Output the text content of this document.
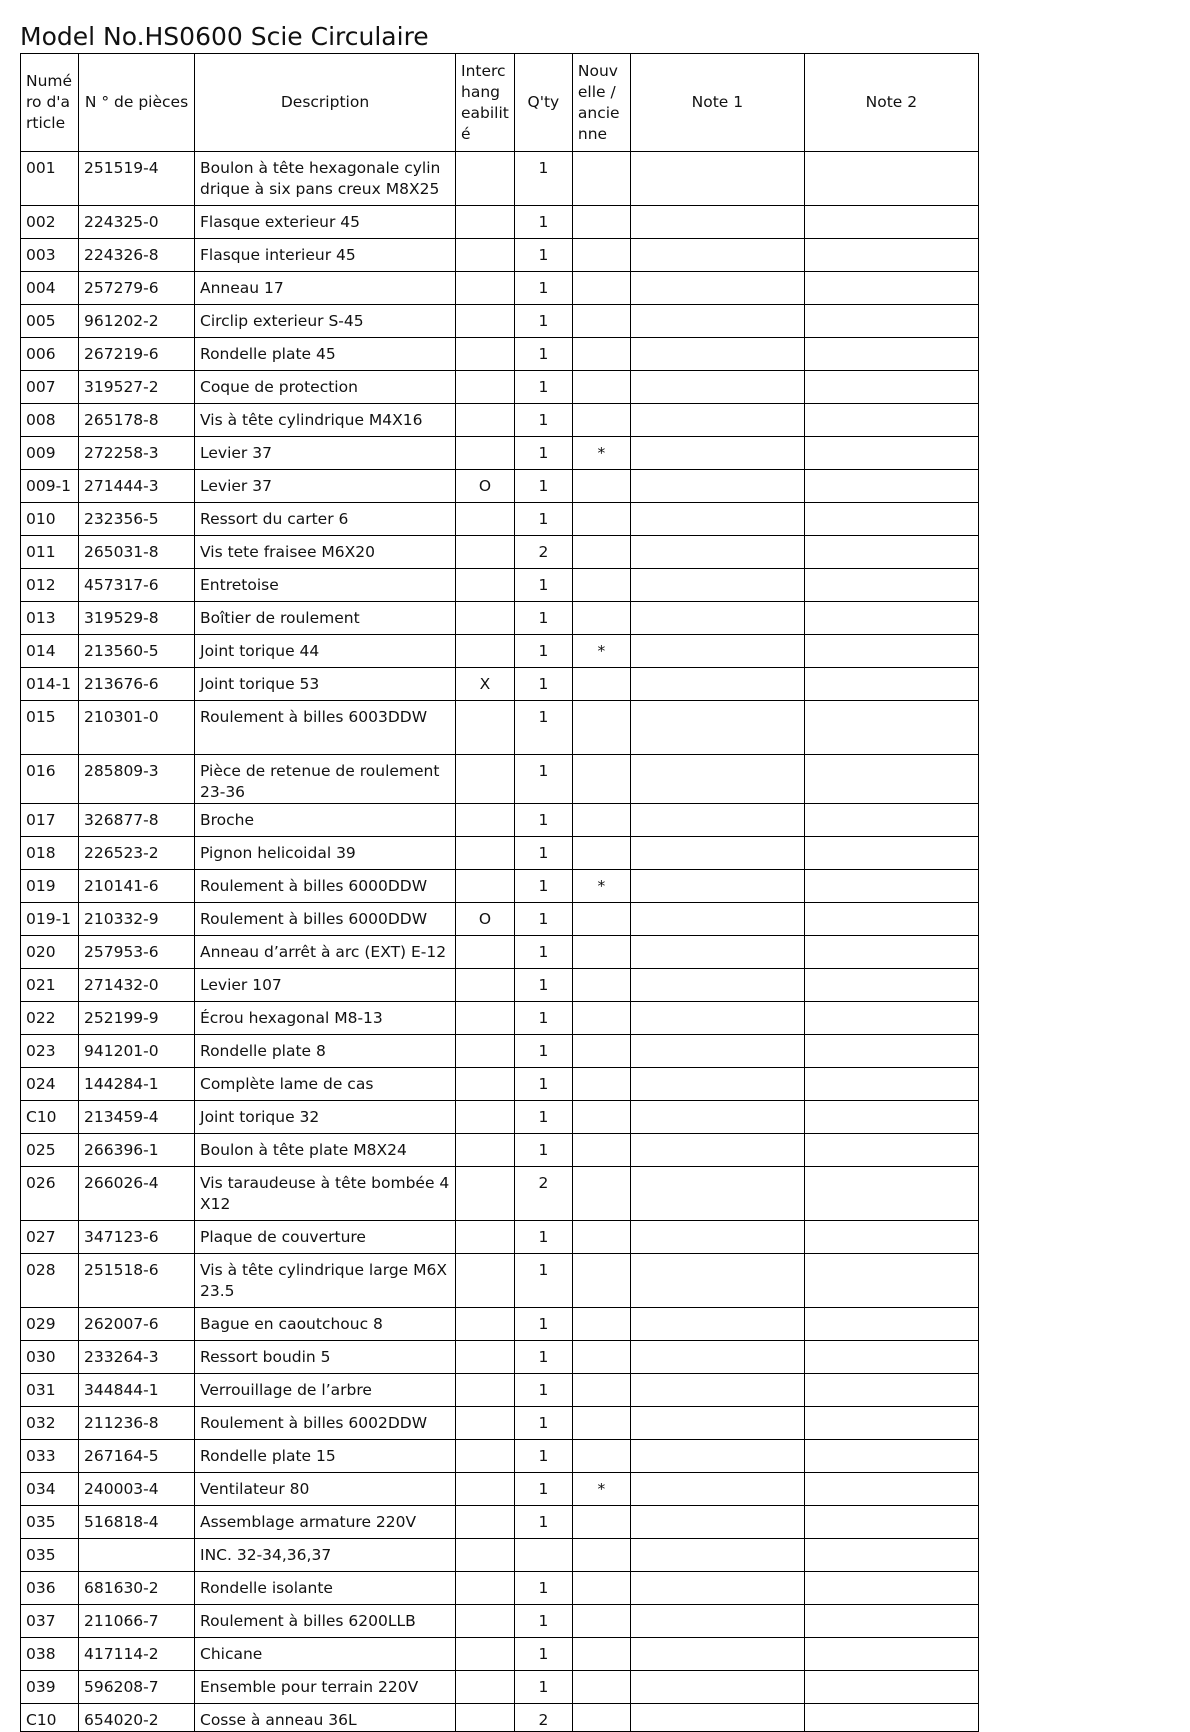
Model No.HS0600 Scie Circulaire
Numé ro d'a rticle	N ° de pièces	Description	Interc hang eabilit é	Q'ty	Nouv elle / ancie nne	Note 1	Note 2
001	251519-4	Boulon à tête hexagonale cylindrique à six pans creux M8X25		1			
002	224325-0	Flasque exterieur 45		1			
003	224326-8	Flasque interieur 45		1			
004	257279-6	Anneau 17		1			
005	961202-2	Circlip exterieur S-45		1			
006	267219-6	Rondelle plate 45		1			
007	319527-2	Coque de protection		1			
008	265178-8	Vis à tête cylindrique M4X16		1			
009	272258-3	Levier 37		1	*		
009-1	271444-3	Levier 37	O	1			
010	232356-5	Ressort du carter 6		1			
011	265031-8	Vis tete fraisee M6X20		2			
012	457317-6	Entretoise		1			
013	319529-8	Boîtier de roulement		1			
014	213560-5	Joint torique 44		1	*		
014-1	213676-6	Joint torique 53	X	1			
015	210301-0	Roulement à billes 6003DDW		1			
016	285809-3	Pièce de retenue de roulement 23-36		1			
017	326877-8	Broche		1			
018	226523-2	Pignon helicoidal 39		1			
019	210141-6	Roulement à billes 6000DDW		1	*		
019-1	210332-9	Roulement à billes 6000DDW	O	1			
020	257953-6	Anneau d’arrêt à arc (EXT) E-12		1			
021	271432-0	Levier 107		1			
022	252199-9	Écrou hexagonal M8-13		1			
023	941201-0	Rondelle plate 8		1			
024	144284-1	Complète lame de cas		1			
C10	213459-4	Joint torique 32		1			
025	266396-1	Boulon à tête plate M8X24		1			
026	266026-4	Vis taraudeuse à tête bombée 4X12		2			
027	347123-6	Plaque de couverture		1			
028	251518-6	Vis à tête cylindrique large M6X23.5		1			
029	262007-6	Bague en caoutchouc 8		1			
030	233264-3	Ressort boudin 5		1			
031	344844-1	Verrouillage de l’arbre		1			
032	211236-8	Roulement à billes 6002DDW		1			
033	267164-5	Rondelle plate 15		1			
034	240003-4	Ventilateur 80		1	*		
035	516818-4	Assemblage armature 220V		1			
035		INC. 32-34,36,37					
036	681630-2	Rondelle isolante		1			
037	211066-7	Roulement à billes 6200LLB		1			
038	417114-2	Chicane		1			
039	596208-7	Ensemble pour terrain 220V		1			
C10	654020-2	Cosse à anneau 36L		2			
